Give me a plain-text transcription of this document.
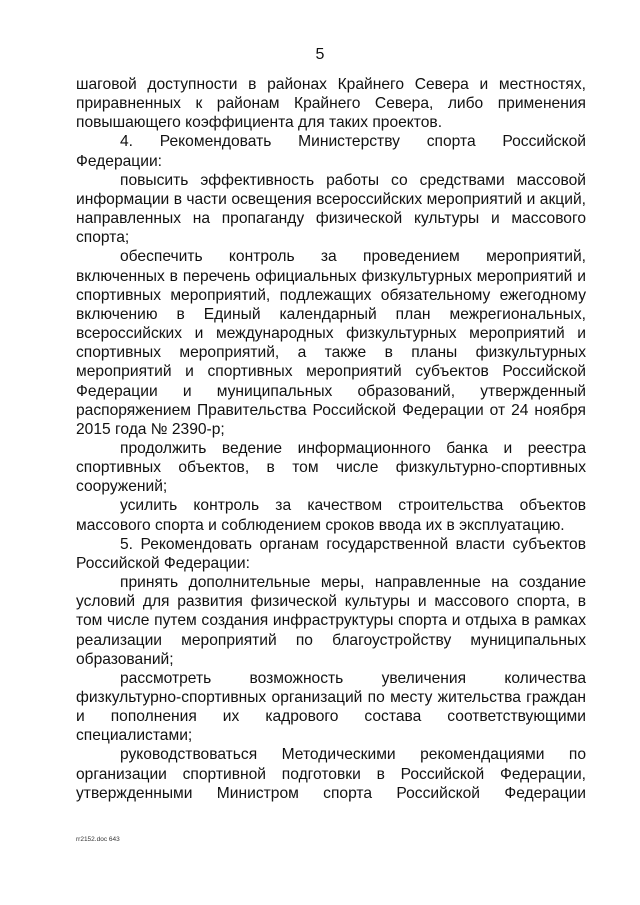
5

шаговой доступности в районах Крайнего Севера и местностях, приравненных к районам Крайнего Севера, либо применения повышающего коэффициента для таких проектов.

4. Рекомендовать Министерству спорта Российской Федерации:

повысить эффективность работы со средствами массовой информации в части освещения всероссийских мероприятий и акций, направленных на пропаганду физической культуры и массового спорта;

обеспечить контроль за проведением мероприятий, включенных в перечень официальных физкультурных мероприятий и спортивных мероприятий, подлежащих обязательному ежегодному включению в Единый календарный план межрегиональных, всероссийских и международных физкультурных мероприятий и спортивных мероприятий, а также в планы физкультурных мероприятий и спортивных мероприятий субъектов Российской Федерации и муниципальных образований, утвержденный распоряжением Правительства Российской Федерации от 24 ноября 2015 года № 2390-р;

продолжить ведение информационного банка и реестра спортивных объектов, в том числе физкультурно-спортивных сооружений;

усилить контроль за качеством строительства объектов массового спорта и соблюдением сроков ввода их в эксплуатацию.

5. Рекомендовать органам государственной власти субъектов Российской Федерации:

принять дополнительные меры, направленные на создание условий для развития физической культуры и массового спорта, в том числе путем создания инфраструктуры спорта и отдыха в рамках реализации мероприятий по благоустройству муниципальных образований;

рассмотреть возможность увеличения количества физкультурно-спортивных организаций по месту жительства граждан и пополнения их кадрового состава соответствующими специалистами;

руководствоваться Методическими рекомендациями по организации спортивной подготовки в Российской Федерации, утвержденными Министром спорта Российской Федерации

rr2152.doc 643
